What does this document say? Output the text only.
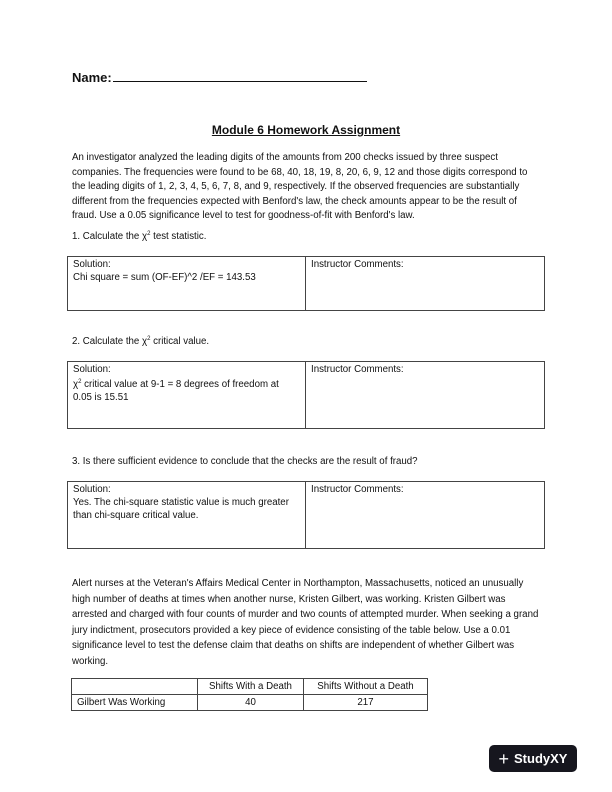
Name:
Module 6 Homework Assignment
An investigator analyzed the leading digits of the amounts from 200 checks issued by three suspect companies. The frequencies were found to be 68, 40, 18, 19, 8, 20, 6, 9, 12 and those digits correspond to the leading digits of 1, 2, 3, 4, 5, 6, 7, 8, and 9, respectively. If the observed frequencies are substantially different from the frequencies expected with Benford's law, the check amounts appear to be the result of fraud. Use a 0.05 significance level to test for goodness-of-fit with Benford's law.
1. Calculate the $\chi^2$ test statistic.
Solution:
Chi square = sum (OF-EF)^2 /EF = 143.53

Instructor Comments:
2. Calculate the $\chi^2$ critical value.
Solution:
$\chi^2$ critical value at 9-1 = 8 degrees of freedom at 0.05 is 15.51

Instructor Comments:
3. Is there sufficient evidence to conclude that the checks are the result of fraud?
Solution:
Yes. The chi-square statistic value is much greater than chi-square critical value.

Instructor Comments:
Alert nurses at the Veteran's Affairs Medical Center in Northampton, Massachusetts, noticed an unusually high number of deaths at times when another nurse, Kristen Gilbert, was working. Kristen Gilbert was arrested and charged with four counts of murder and two counts of attempted murder. When seeking a grand jury indictment, prosecutors provided a key piece of evidence consisting of the table below. Use a 0.01 significance level to test the defense claim that deaths on shifts are independent of whether Gilbert was working.
	Shifts With a Death	Shifts Without a Death
Gilbert Was Working	40	217
+ StudyXY
